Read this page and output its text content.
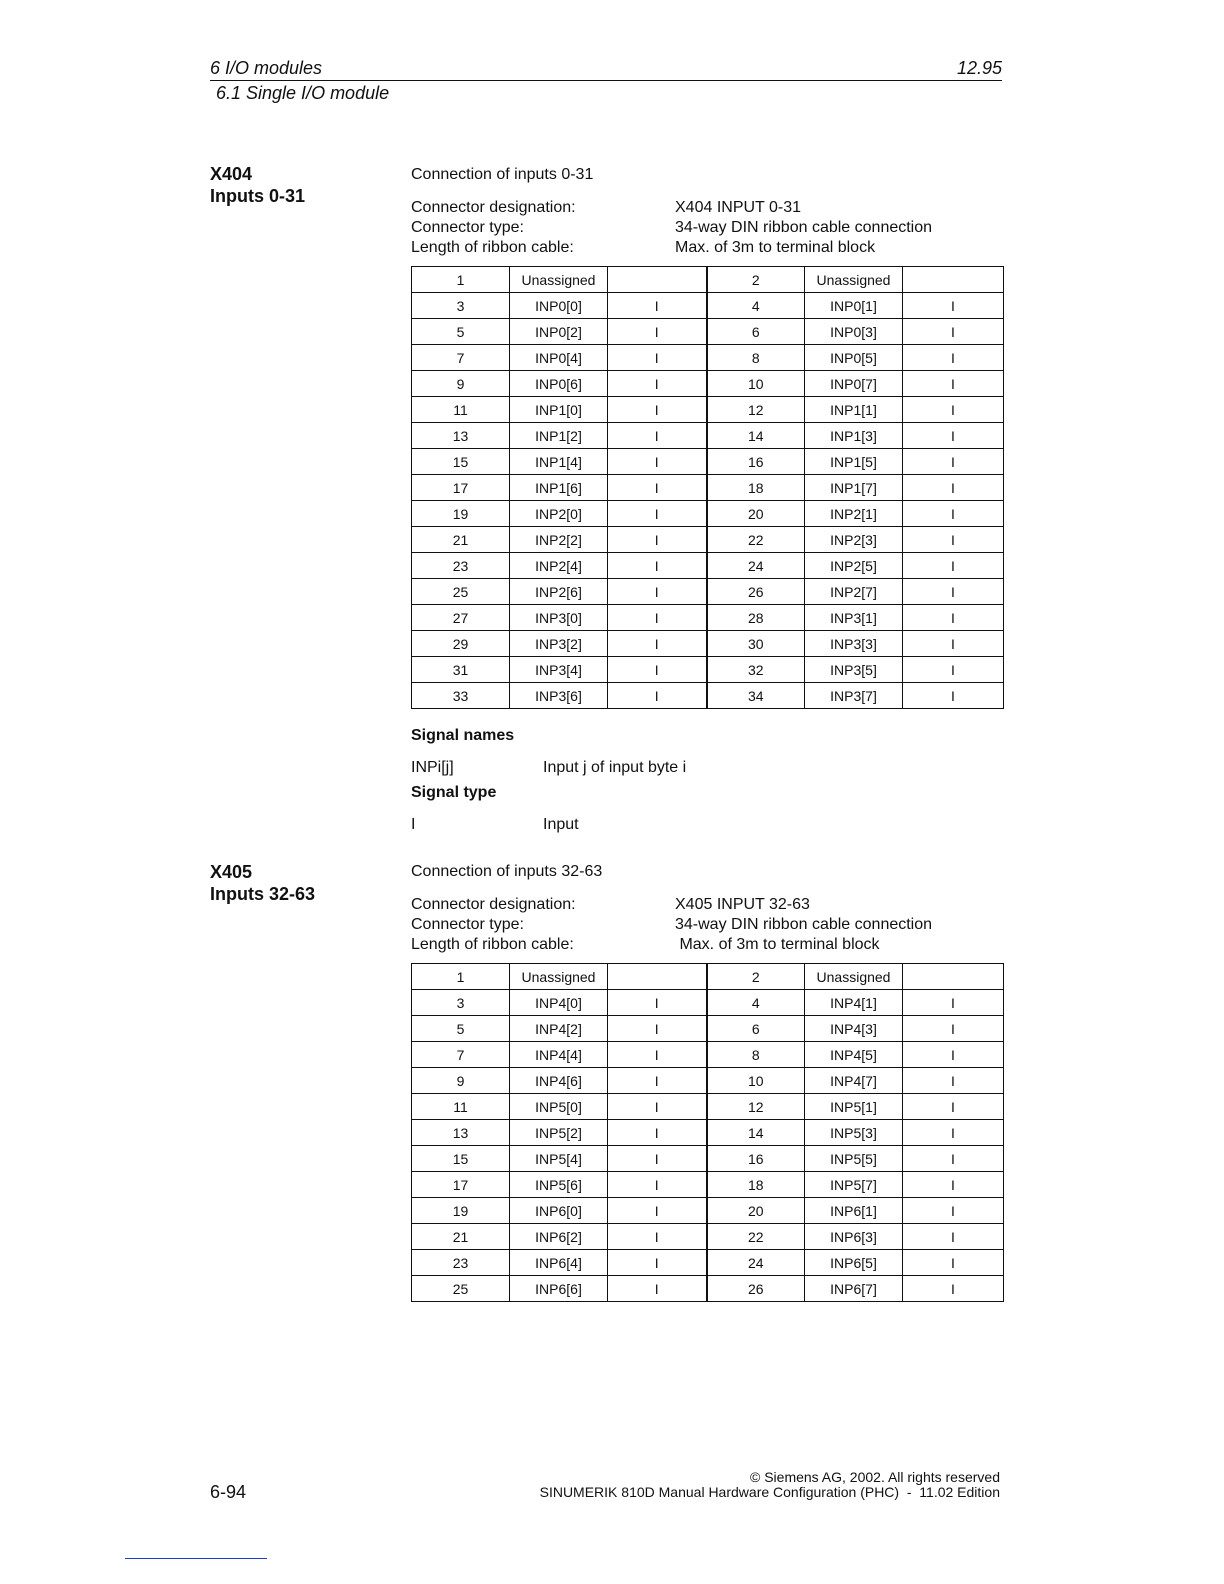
6 I/O modules	12.95
6.1 Single I/O module
X404
Inputs 0-31
Connection of inputs 0-31
Connector designation:	X404 INPUT 0-31
Connector type:	34-way DIN ribbon cable connection
Length of ribbon cable:	Max. of 3m to terminal block
1	Unassigned		2	Unassigned	
3	INP0[0]	I	4	INP0[1]	I
5	INP0[2]	I	6	INP0[3]	I
7	INP0[4]	I	8	INP0[5]	I
9	INP0[6]	I	10	INP0[7]	I
11	INP1[0]	I	12	INP1[1]	I
13	INP1[2]	I	14	INP1[3]	I
15	INP1[4]	I	16	INP1[5]	I
17	INP1[6]	I	18	INP1[7]	I
19	INP2[0]	I	20	INP2[1]	I
21	INP2[2]	I	22	INP2[3]	I
23	INP2[4]	I	24	INP2[5]	I
25	INP2[6]	I	26	INP2[7]	I
27	INP3[0]	I	28	INP3[1]	I
29	INP3[2]	I	30	INP3[3]	I
31	INP3[4]	I	32	INP3[5]	I
33	INP3[6]	I	34	INP3[7]	I
Signal names
INPi[j]	Input j of input byte i
Signal type
I	Input
X405
Inputs 32-63
Connection of inputs 32-63
Connector designation:	X405 INPUT 32-63
Connector type:	34-way DIN ribbon cable connection
Length of ribbon cable:	Max. of 3m to terminal block
1	Unassigned		2	Unassigned	
3	INP4[0]	I	4	INP4[1]	I
5	INP4[2]	I	6	INP4[3]	I
7	INP4[4]	I	8	INP4[5]	I
9	INP4[6]	I	10	INP4[7]	I
11	INP5[0]	I	12	INP5[1]	I
13	INP5[2]	I	14	INP5[3]	I
15	INP5[4]	I	16	INP5[5]	I
17	INP5[6]	I	18	INP5[7]	I
19	INP6[0]	I	20	INP6[1]	I
21	INP6[2]	I	22	INP6[3]	I
23	INP6[4]	I	24	INP6[5]	I
25	INP6[6]	I	26	INP6[7]	I
© Siemens AG, 2002. All rights reserved
6-94	SINUMERIK 810D Manual Hardware Configuration (PHC)  -  11.02 Edition
